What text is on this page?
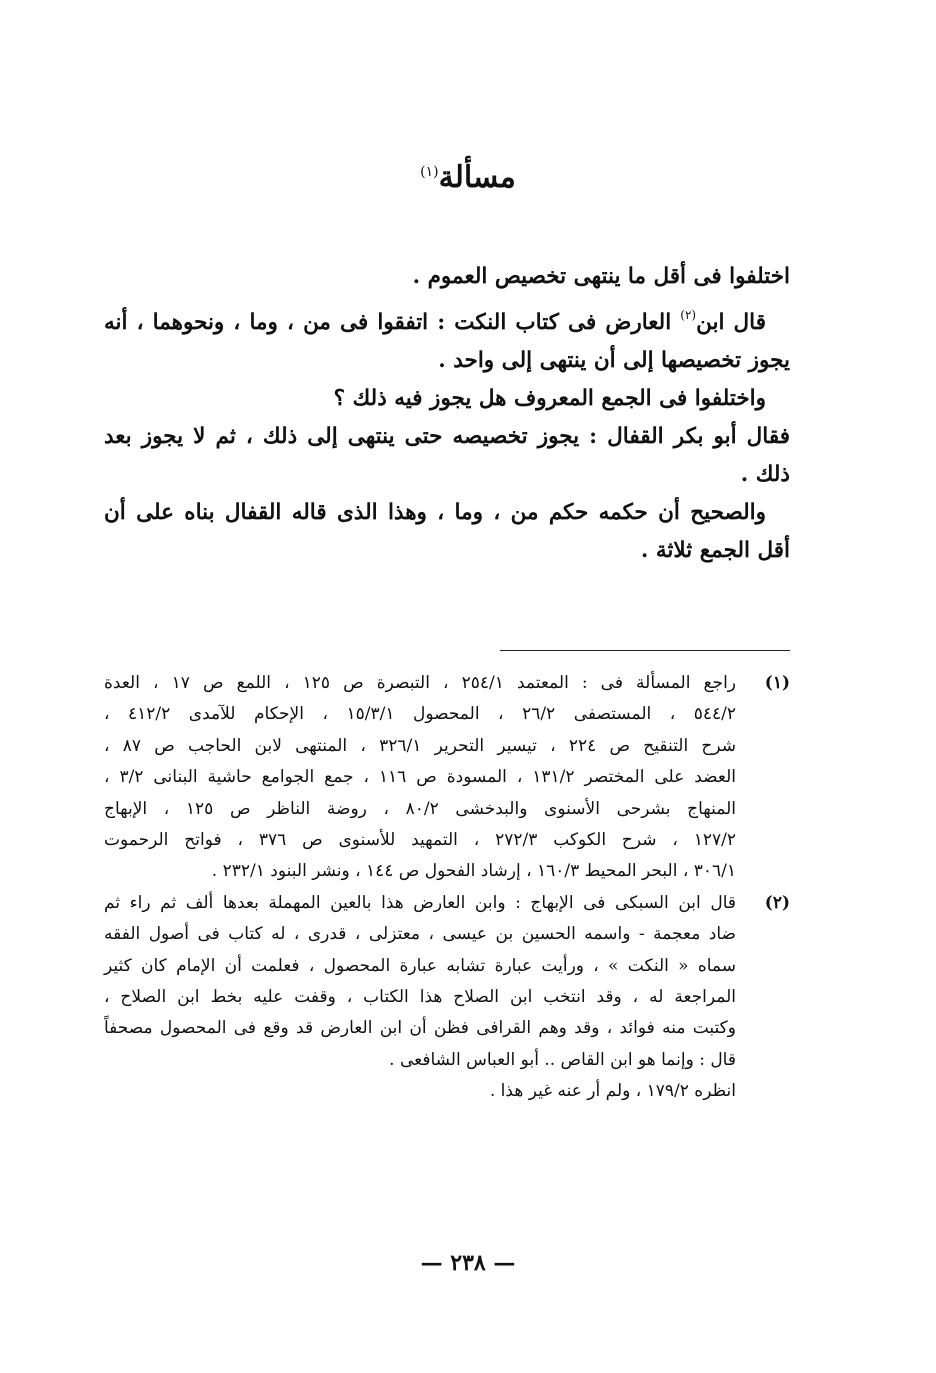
مسألة$^{(١)}$
اختلفوا فى أقل ما ينتهى تخصيص العموم .
قال ابن$^{(٢)}$ العارض فى كتاب النكت : اتفقوا فى من ، وما ، ونحوهما ، أنه
يجوز تخصيصها إلى أن ينتهى إلى واحد .
واختلفوا فى الجمع المعروف هل يجوز فيه ذلك ؟
فقال أبو بكر القفال : يجوز تخصيصه حتى ينتهى إلى ذلك ، ثم لا يجوز بعد
ذلك .
والصحيح أن حكمه حكم من ، وما ، وهذا الذى قاله القفال بناه على أن
أقل الجمع ثلاثة .
(١)
راجع المسألة فى : المعتمد ٢٥٤/١ ، التبصرة ص ١٢٥ ، اللمع ص ١٧ ، العدة
٥٤٤/٢ ، المستصفى ٢٦/٢ ، المحصول ١٥/٣/١ ، الإحكام للآمدى ٤١٢/٢ ،
شرح التنقيح ص ٢٢٤ ، تيسير التحرير ٣٢٦/١ ، المنتهى لابن الحاجب ص ٨٧ ،
العضد على المختصر ١٣١/٢ ، المسودة ص ١١٦ ، جمع الجوامع حاشية البنانى ٣/٢ ،
المنهاج بشرحى الأسنوى والبدخشى ٨٠/٢ ، روضة الناظر ص ١٢٥ ، الإبهاج
١٢٧/٢ ، شرح الكوكب ٢٧٢/٣ ، التمهيد للأسنوى ص ٣٧٦ ، فواتح الرحموت
٣٠٦/١ ، البحر المحيط ١٦٠/٣ ، إرشاد الفحول ص ١٤٤ ، ونشر البنود ٢٣٢/١ .
(٢)
قال ابن السبكى فى الإبهاج : وابن العارض هذا بالعين المهملة بعدها ألف ثم راء ثم
ضاد معجمة - واسمه الحسين بن عيسى ، معتزلى ، قدرى ، له كتاب فى أصول الفقه
سماه « النكت » ، ورأيت عبارة تشابه عبارة المحصول ، فعلمت أن الإمام كان كثير
المراجعة له ، وقد انتخب ابن الصلاح هذا الكتاب ، وقفت عليه بخط ابن الصلاح ،
وكتبت منه فوائد ، وقد وهم القرافى فظن أن ابن العارض قد وقع فى المحصول مصحفاً
قال : وإنما هو ابن القاص .. أبو العباس الشافعى .
انظره ١٧٩/٢ ، ولم أر عنه غير هذا .
— ٢٣٨ —
